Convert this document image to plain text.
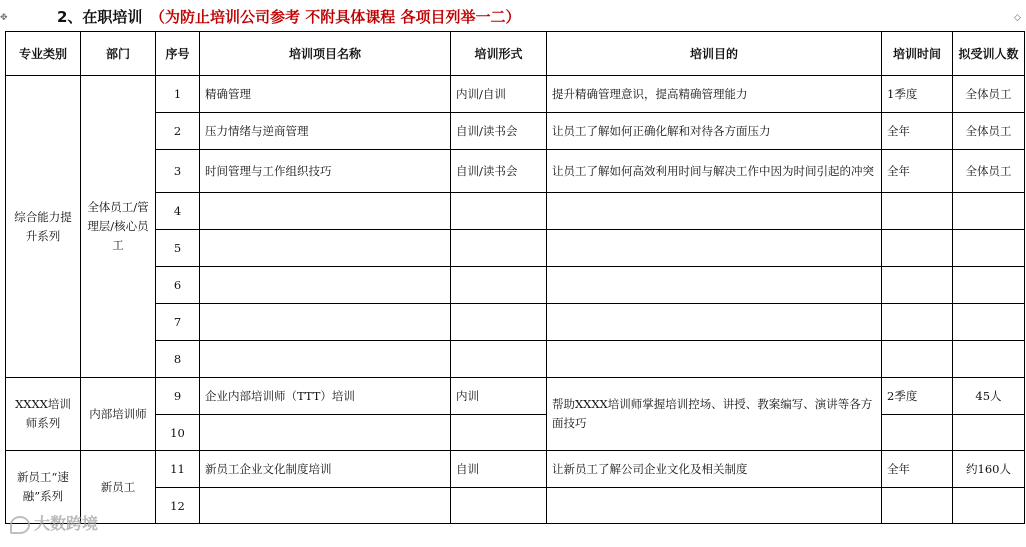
2、在职培训 （为防止培训公司参考 不附具体课程 各项目列举一二）
✥	◇
专业类别	部门	序号	培训项目名称	培训形式	培训目的	培训时间	拟受训人数
综合能力提升系列	全体员工/管理层/核心员工	1	精确管理	内训/自训	提升精确管理意识，提高精确管理能力	1季度	全体员工
		2	压力情绪与逆商管理	自训/读书会	让员工了解如何正确化解和对待各方面压力	全年	全体员工
		3	时间管理与工作组织技巧	自训/读书会	让员工了解如何高效利用时间与解决工作中因为时间引起的冲突	全年	全体员工
		4					
		5					
		6					
		7					
		8					
XXXX培训师系列	内部培训师	9	企业内部培训师（TTT）培训	内训	帮助XXXX培训师掌握培训控场、讲授、教案编写、演讲等各方面技巧	2季度	45人
		10					
新员工“速融”系列	新员工	11	新员工企业文化制度培训	自训	让新员工了解公司企业文化及相关制度	全年	约160人
		12					
大数跨境
